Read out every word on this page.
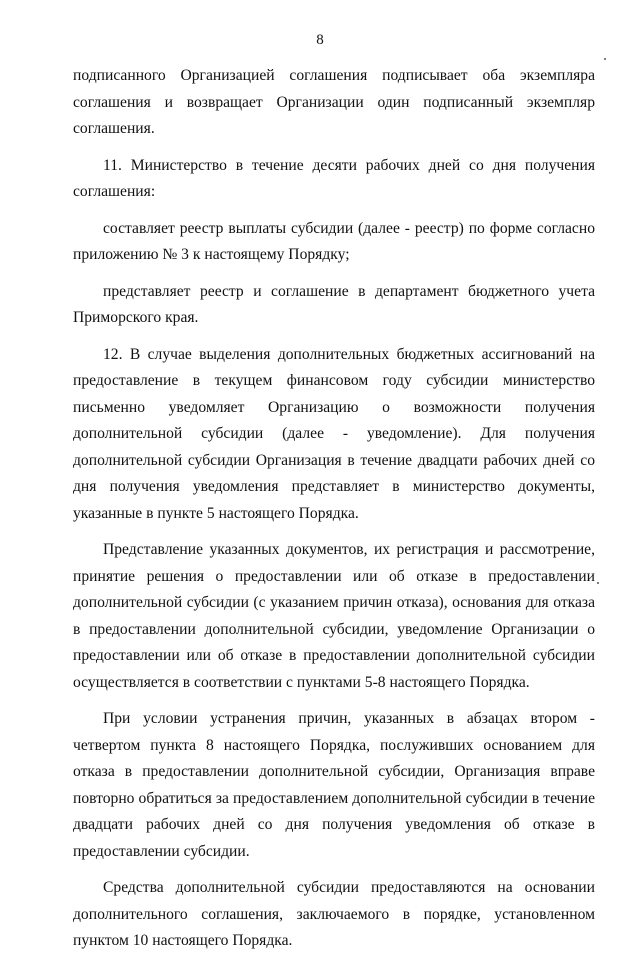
8

подписанного Организацией соглашения подписывает оба экземпляра соглашения и возвращает Организации один подписанный экземпляр соглашения.

11. Министерство в течение десяти рабочих дней со дня получения соглашения:

составляет реестр выплаты субсидии (далее - реестр) по форме согласно приложению № 3 к настоящему Порядку;

представляет реестр и соглашение в департамент бюджетного учета Приморского края.

12. В случае выделения дополнительных бюджетных ассигнований на предоставление в текущем финансовом году субсидии министерство письменно уведомляет Организацию о возможности получения дополнительной субсидии (далее - уведомление). Для получения дополнительной субсидии Организация в течение двадцати рабочих дней со дня получения уведомления представляет в министерство документы, указанные в пункте 5 настоящего Порядка.

Представление указанных документов, их регистрация и рассмотрение, принятие решения о предоставлении или об отказе в предоставлении дополнительной субсидии (с указанием причин отказа), основания для отказа в предоставлении дополнительной субсидии, уведомление Организации о предоставлении или об отказе в предоставлении дополнительной субсидии осуществляется в соответствии с пунктами 5-8 настоящего Порядка.

При условии устранения причин, указанных в абзацах втором - четвертом пункта 8 настоящего Порядка, послуживших основанием для отказа в предоставлении дополнительной субсидии, Организация вправе повторно обратиться за предоставлением дополнительной субсидии в течение двадцати рабочих дней со дня получения уведомления об отказе в предоставлении субсидии.

Средства дополнительной субсидии предоставляются на основании дополнительного соглашения, заключаемого в порядке, установленном пунктом 10 настоящего Порядка.
